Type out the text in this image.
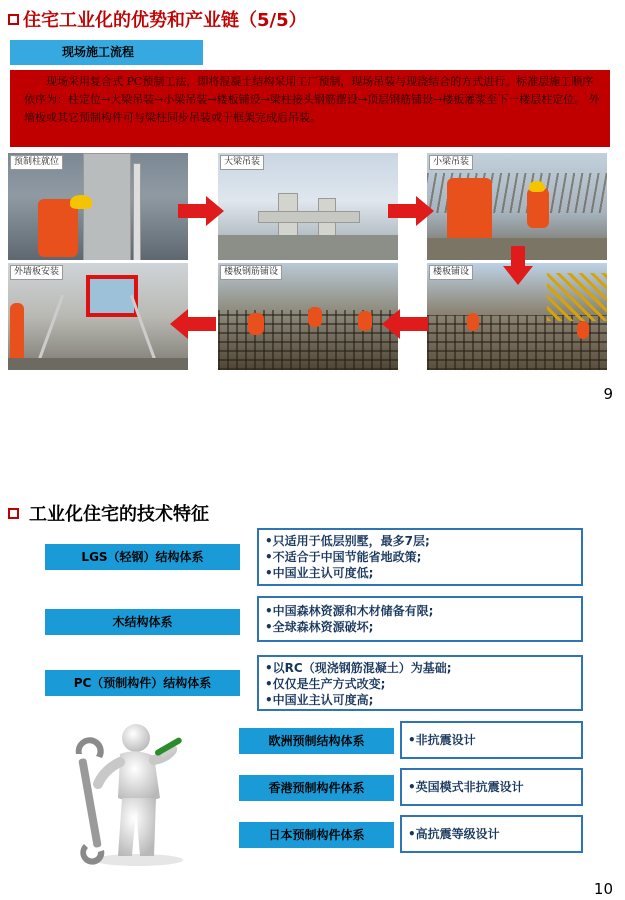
住宅工业化的优势和产业链（5/5）
现场施工流程
现场采用复合式 PC预制工法，即将混凝土结构采用工厂预制，现场吊装与现浇结合的方式进行。标准层施工顺序依序为：柱定位→大梁吊装→小梁吊装→楼板铺设→梁柱接头钢筋摆设→顶层钢筋铺设→楼板灌浆至下一楼层柱定位。 外墙板或其它预制构件可与梁柱同步吊装或于框架完成后吊装。
预制柱就位	大梁吊装	小梁吊装
外墙板安装	楼板钢筋铺设	楼板铺设
9
工业化住宅的技术特征
LGS（轻钢）结构体系
•只适用于低层别墅，最多7层;
•不适合于中国节能省地政策;
•中国业主认可度低;
木结构体系
•中国森林资源和木材储备有限;
•全球森林资源破坏;
PC（预制构件）结构体系
•以RC（现浇钢筋混凝土）为基础;
•仅仅是生产方式改变;
•中国业主认可度高;
欧洲预制结构体系	•非抗震设计
香港预制构件体系	•英国模式非抗震设计
日本预制构件体系	•高抗震等级设计
10
